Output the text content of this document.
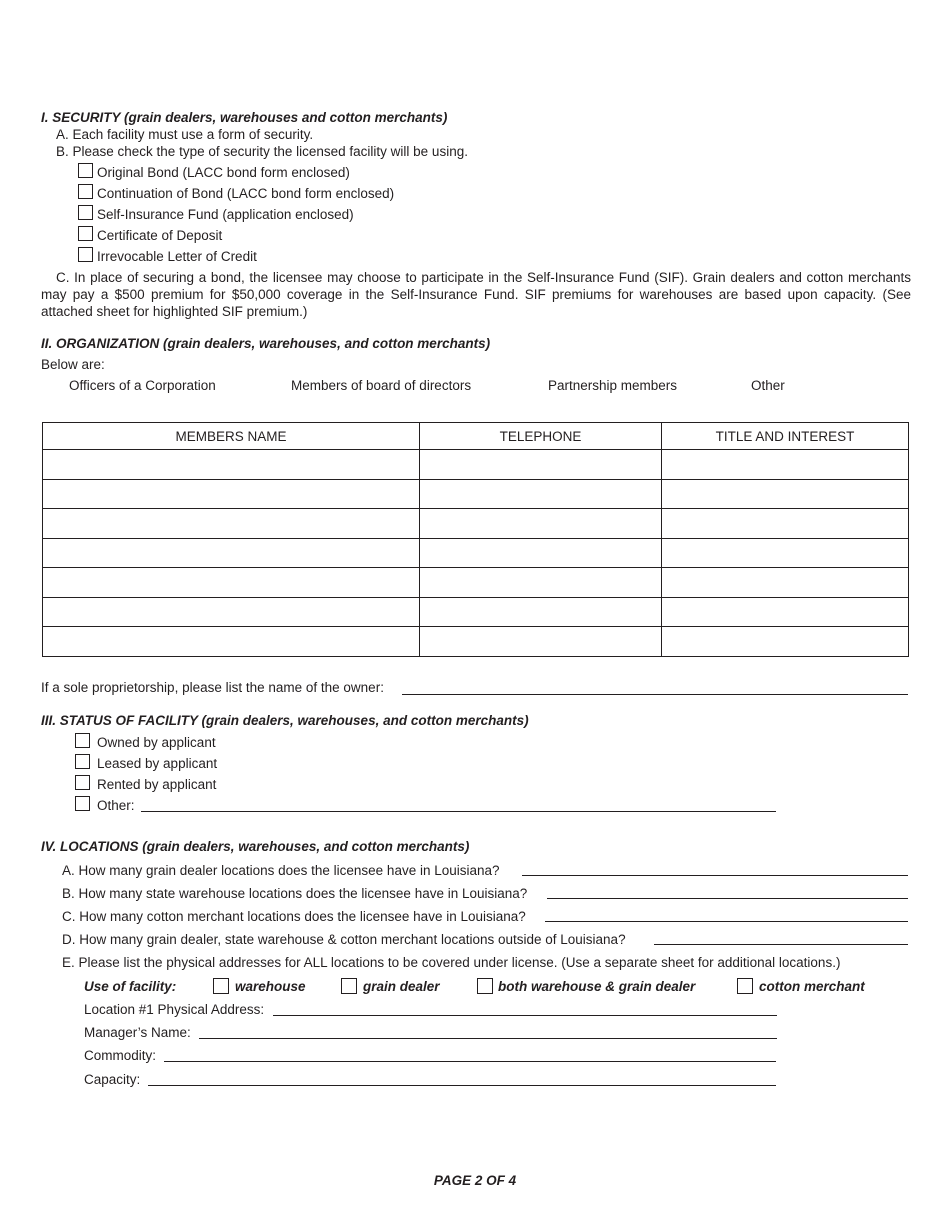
I. SECURITY (grain dealers, warehouses and cotton merchants)
A. Each facility must use a form of security.
B. Please check the type of security the licensed facility will be using.
Original Bond (LACC bond form enclosed)
Continuation of Bond (LACC bond form enclosed)
Self-Insurance Fund (application enclosed)
Certificate of Deposit
Irrevocable Letter of Credit
C. In place of securing a bond, the licensee may choose to participate in the Self-Insurance Fund (SIF). Grain dealers and cotton merchants may pay a $500 premium for $50,000 coverage in the Self-Insurance Fund. SIF premiums for warehouses are based upon capacity. (See attached sheet for highlighted SIF premium.)
II. ORGANIZATION (grain dealers, warehouses, and cotton merchants)
Below are:
Officers of a Corporation	Members of board of directors	Partnership members	Other
MEMBERS NAME	TELEPHONE	TITLE AND INTEREST

If a sole proprietorship, please list the name of the owner:
III. STATUS OF FACILITY (grain dealers, warehouses, and cotton merchants)
Owned by applicant
Leased by applicant
Rented by applicant
Other:
IV. LOCATIONS (grain dealers, warehouses, and cotton merchants)
A. How many grain dealer locations does the licensee have in Louisiana?
B. How many state warehouse locations does the licensee have in Louisiana?
C. How many cotton merchant locations does the licensee have in Louisiana?
D. How many grain dealer, state warehouse & cotton merchant locations outside of Louisiana?
E. Please list the physical addresses for ALL locations to be covered under license. (Use a separate sheet for additional locations.)
Use of facility:	warehouse	grain dealer	both warehouse & grain dealer	cotton merchant
Location #1 Physical Address:
Manager’s Name:
Commodity:
Capacity:
PAGE 2 OF 4
